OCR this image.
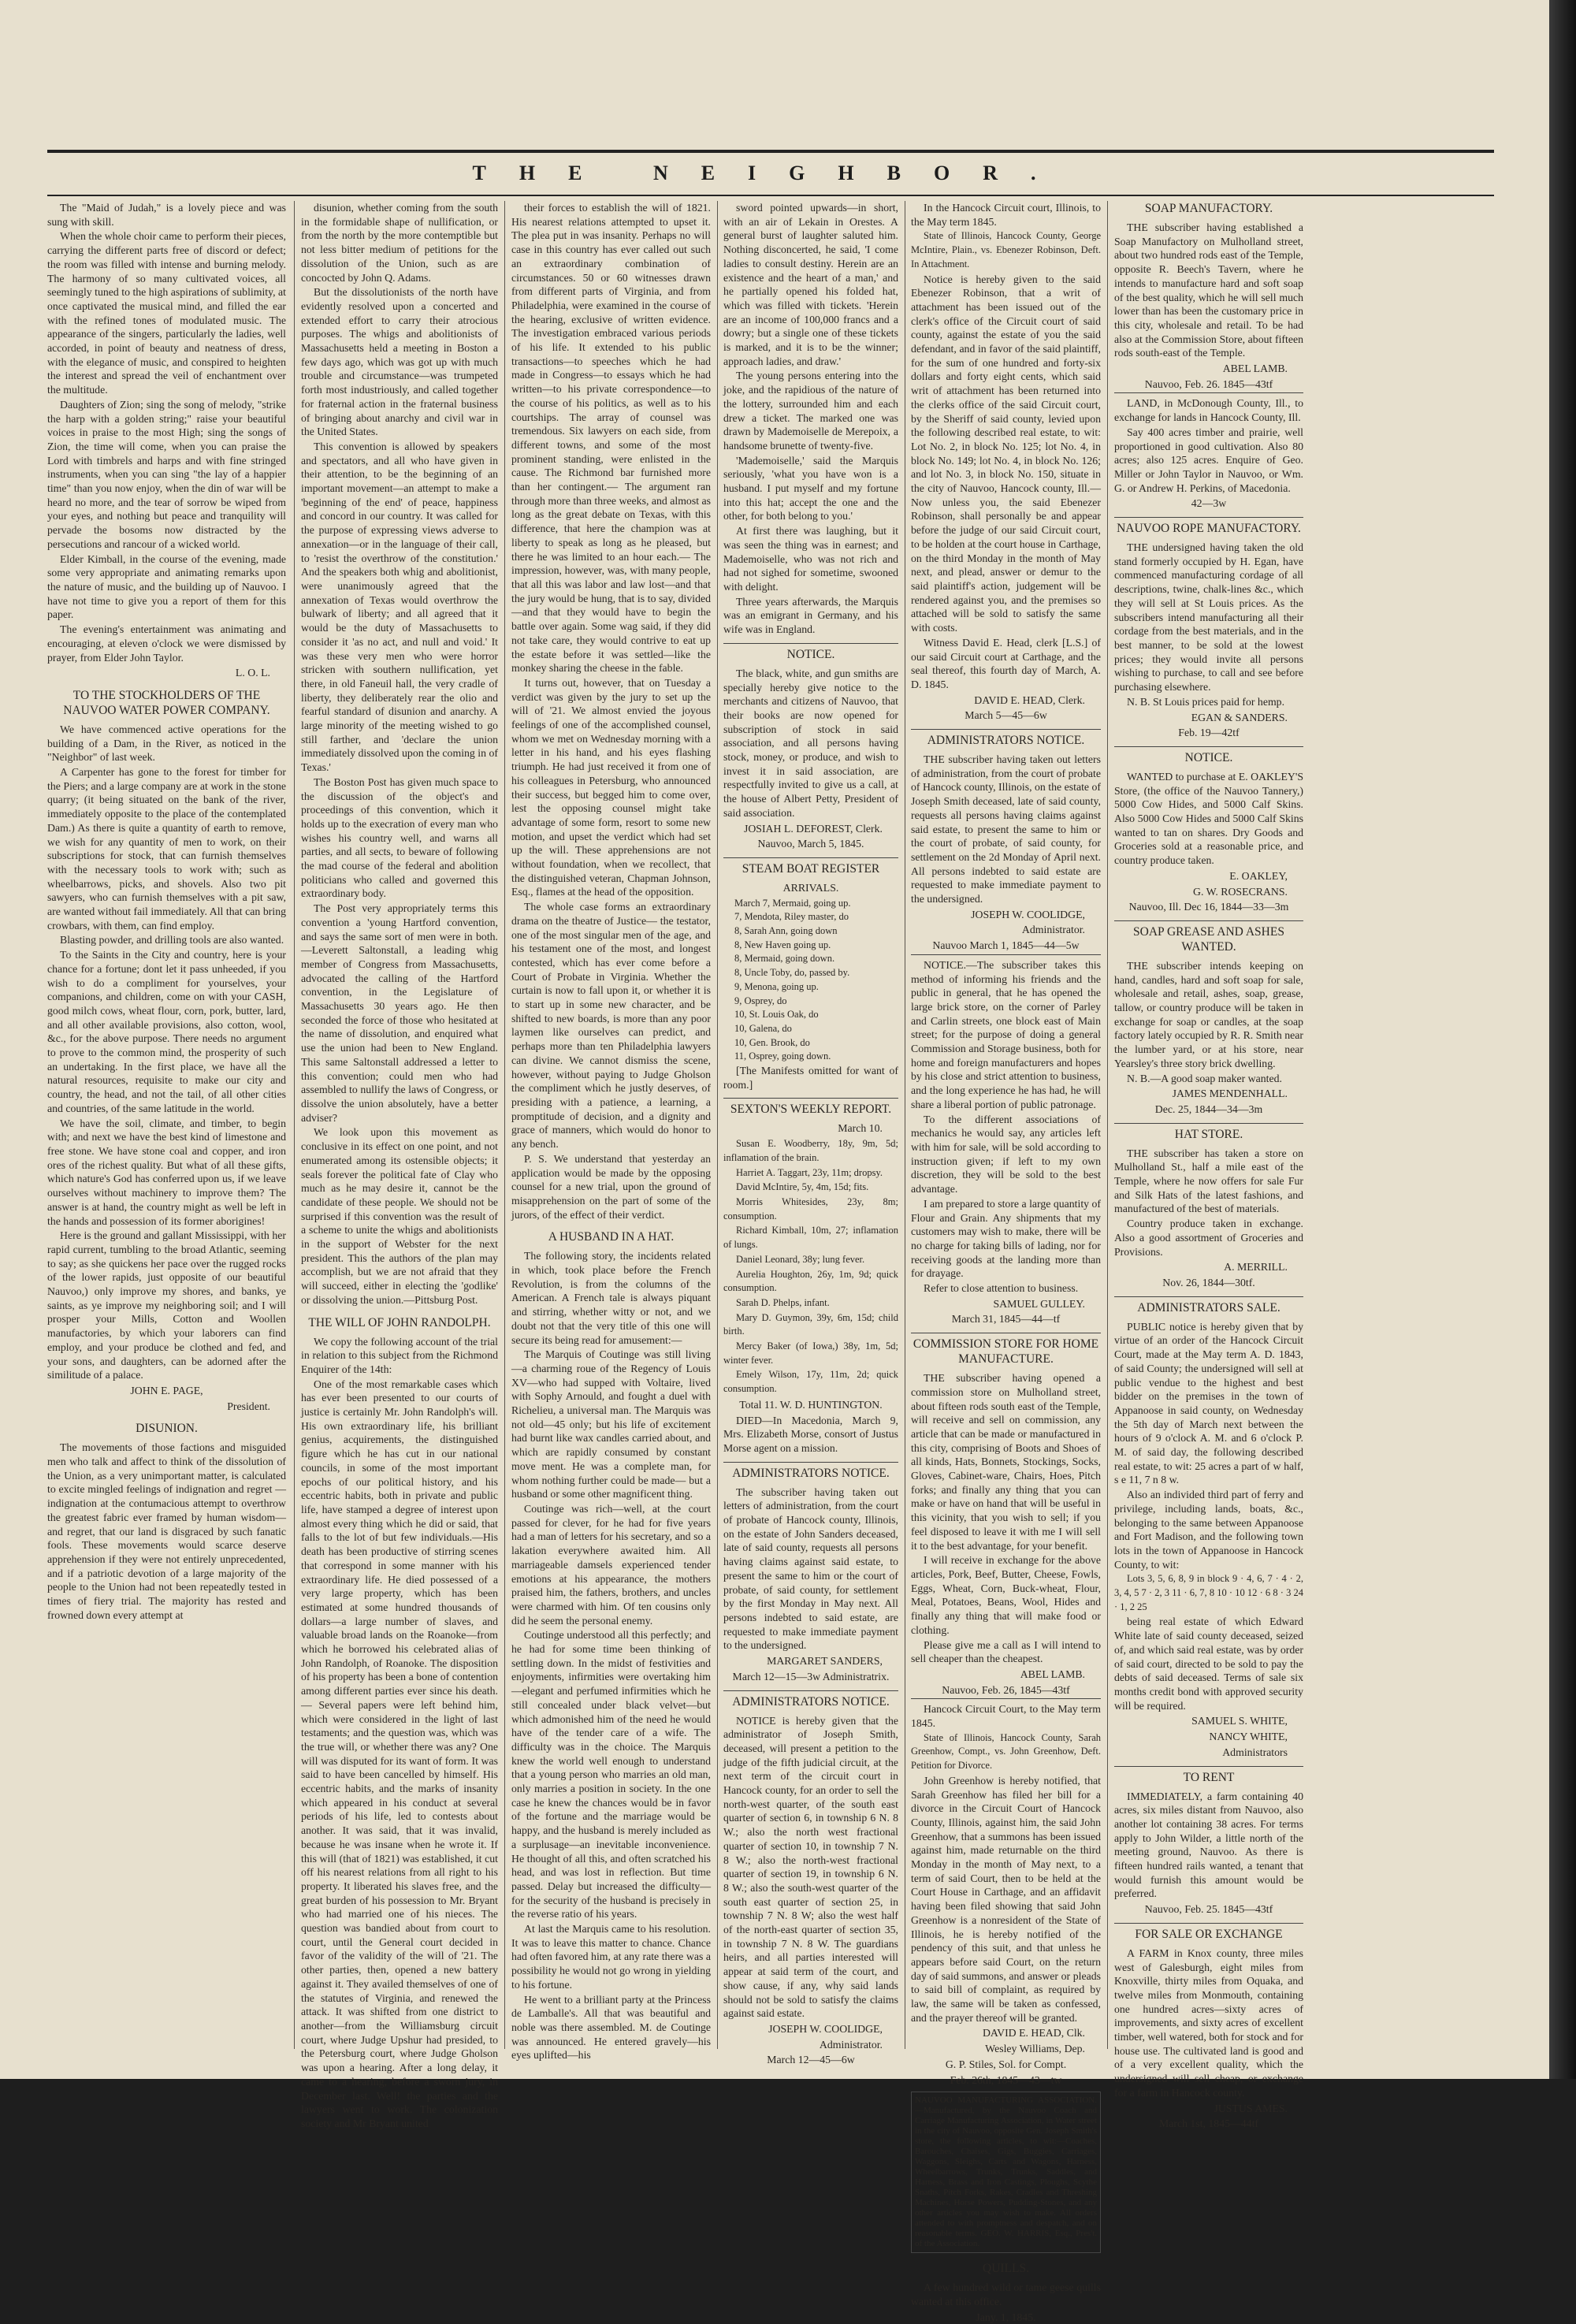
THE NEIGHBOR.

The "Maid of Judah," is a lovely piece and was sung with skill.

When the whole choir came to perform their pieces, carrying the different parts free of discord or defect; the room was filled with intense and burning melody. The harmony of so many cultivated voices, all seemingly tuned to the high aspirations of sublimity, at once captivated the musical mind, and filled the ear with the refined tones of modulated music. The appearance of the singers, particularly the ladies, well accorded, in point of beauty and neatness of dress, with the elegance of music, and conspired to heighten the interest and spread the veil of enchantment over the multitude.

Daughters of Zion; sing the song of melody, "strike the harp with a golden string;" raise your beautiful voices in praise to the most High; sing the songs of Zion, the time will come, when you can praise the Lord with timbrels and harps and with fine stringed instruments, when you can sing "the lay of a happier time" than you now enjoy, when the din of war will be heard no more, and the tear of sorrow be wiped from your eyes, and nothing but peace and tranquility will pervade the bosoms now distracted by the persecutions and rancour of a wicked world.

Elder Kimball, in the course of the evening, made some very appropriate and animating remarks upon the nature of music, and the building up of Nauvoo. I have not time to give you a report of them for this paper.

The evening's entertainment was animating and encouraging, at eleven o'clock we were dismissed by prayer, from Elder John Taylor.

L. O. L.
TO THE STOCKHOLDERS OF THE NAUVOO WATER POWER COMPANY.

We have commenced active operations for the building of a Dam, in the River, as noticed in the "Neighbor" of last week.

A Carpenter has gone to the forest for timber for the Piers; and a large company are at work in the stone quarry; (it being situated on the bank of the river, immediately opposite to the place of the contemplated Dam.) As there is quite a quantity of earth to remove, we wish for any quantity of men to work, on their subscriptions for stock, that can furnish themselves with the necessary tools to work with; such as wheelbarrows, picks, and shovels. Also two pit sawyers, who can furnish themselves with a pit saw, are wanted without fail immediately. All that can bring crowbars, with them, can find employ.

Blasting powder, and drilling tools are also wanted.

To the Saints in the City and country, here is your chance for a fortune; dont let it pass unheeded, if you wish to do a compliment for yourselves, your companions, and children, come on with your CASH, good milch cows, wheat flour, corn, pork, butter, lard, and all other available provisions, also cotton, wool, &c., for the above purpose. There needs no argument to prove to the common mind, the prosperity of such an undertaking. In the first place, we have all the natural resources, requisite to make our city and country, the head, and not the tail, of all other cities and countries, of the same latitude in the world.

We have the soil, climate, and timber, to begin with; and next we have the best kind of limestone and free stone. We have stone coal and copper, and iron ores of the richest quality. But what of all these gifts, which nature's God has conferred upon us, if we leave ourselves without machinery to improve them? The answer is at hand, the country might as well be left in the hands and possession of its former aborigines!

Here is the ground and gallant Mississippi, with her rapid current, tumbling to the broad Atlantic, seeming to say; as she quickens her pace over the rugged rocks of the lower rapids, just opposite of our beautiful Nauvoo,) only improve my shores, and banks, ye saints, as ye improve my neighboring soil; and I will prosper your Mills, Cotton and Woollen manufactories, by which your laborers can find employ, and your produce be clothed and fed, and your sons, and daughters, can be adorned after the similitude of a palace.

JOHN E. PAGE,
President.
DISUNION.

The movements of those factions and misguided men who talk and affect to think of the dissolution of the Union, as a very unimportant matter, is calculated to excite mingled feelings of indignation and regret —indignation at the contumacious attempt to overthrow the greatest fabric ever framed by human wisdom—and regret, that our land is disgraced by such fanatic fools. These movements would scarce deserve apprehension if they were not entirely unprecedented, and if a patriotic devotion of a large majority of the people to the Union had not been repeatedly tested in times of fiery trial. The majority has rested and frowned down every attempt at

disunion, whether coming from the south in the formidable shape of nullification, or from the north by the more contemptible but not less bitter medium of petitions for the dissolution of the Union, such as are concocted by John Q. Adams.

But the dissolutionists of the north have evidently resolved upon a concerted and extended effort to carry their atrocious purposes. The whigs and abolitionists of Massachusetts held a meeting in Boston a few days ago, which was got up with much trouble and circumstance—was trumpeted forth most industriously, and called together for fraternal action in the fraternal business of bringing about anarchy and civil war in the United States.

This convention is allowed by speakers and spectators, and all who have given in their attention, to be the beginning of an important movement—an attempt to make a 'beginning of the end' of peace, happiness and concord in our country. It was called for the purpose of expressing views adverse to annexation—or in the language of their call, to 'resist the overthrow of the constitution.' And the speakers both whig and abolitionist, were unanimously agreed that the annexation of Texas would overthrow the bulwark of liberty; and all agreed that it would be the duty of Massachusetts to consider it 'as no act, and null and void.' It was these very men who were horror stricken with southern nullification, yet there, in old Faneuil hall, the very cradle of liberty, they deliberately rear the olio and fearful standard of disunion and anarchy. A large minority of the meeting wished to go still farther, and 'declare the union immediately dissolved upon the coming in of Texas.'

The Boston Post has given much space to the discussion of the object's and proceedings of this convention, which it holds up to the execration of every man who wishes his country well, and warns all parties, and all sects, to beware of following the mad course of the federal and abolition politicians who called and governed this extraordinary body.

The Post very appropriately terms this convention a 'young Hartford convention, and says the same sort of men were in both.—Leverett Saltonstall, a leading whig member of Congress from Massachusetts, advocated the calling of the Hartford convention, in the Legislature of Massachusetts 30 years ago. He then seconded the force of those who hesitated at the name of dissolution, and enquired what use the union had been to New England. This same Saltonstall addressed a letter to this convention; could men who had assembled to nullify the laws of Congress, or dissolve the union absolutely, have a better adviser?

We look upon this movement as conclusive in its effect on one point, and not enumerated among its ostensible objects; it seals forever the political fate of Clay who much as he may desire it, cannot be the candidate of these people. We should not be surprised if this convention was the result of a scheme to unite the whigs and abolitionists in the support of Webster for the next president. This the authors of the plan may accomplish, but we are not afraid that they will succeed, either in electing the 'godlike' or dissolving the union.—Pittsburg Post.

THE WILL OF JOHN RANDOLPH.

We copy the following account of the trial in relation to this subject from the Richmond Enquirer of the 14th:

One of the most remarkable cases which has ever been presented to our courts of justice is certainly Mr. John Randolph's will. His own extraordinary life, his brilliant genius, acquirements, the distinguished figure which he has cut in our national councils, in some of the most important epochs of our political history, and his eccentric habits, both in private and public life, have stamped a degree of interest upon almost every thing which he did or said, that falls to the lot of but few individuals.—His death has been productive of stirring scenes that correspond in some manner with his extraordinary life. He died possessed of a very large property, which has been estimated at some hundred thousands of dollars—a large number of slaves, and valuable broad lands on the Roanoke—from which he borrowed his celebrated alias of John Randolph, of Roanoke. The disposition of his property has been a bone of contention among different parties ever since his death.— Several papers were left behind him, which were considered in the light of last testaments; and the question was, which was the true will, or whether there was any? One will was disputed for its want of form. It was said to have been cancelled by himself. His eccentric habits, and the marks of insanity which appeared in his conduct at several periods of his life, led to contests about another. It was said, that it was invalid, because he was insane when he wrote it. If this will (that of 1821) was established, it cut off his nearest relations from all right to his property. It liberated his slaves free, and the great burden of his possession to Mr. Bryant who had married one of his nieces. The question was bandied about from court to court, until the General court decided in favor of the validity of the will of '21. The other parties, then, opened a new battery against it. They availed themselves of one of the statutes of Virginia, and renewed the attack. It was shifted from one district to another—from the Williamsburg circuit court, where Judge Upshur had presided, to the Petersburg court, where Judge Gholson was upon a hearing. After a long delay, it came to a hearing, before a sworn jury, in December last. Well! the parties and the lawyers went to work. The colonization society and Mr Bryant united

their forces to establish the will of 1821. His nearest relations attempted to upset it. The plea put in was insanity. Perhaps no will case in this country has ever called out such an extraordinary combination of circumstances. 50 or 60 witnesses drawn from different parts of Virginia, and from Philadelphia, were examined in the course of the hearing, exclusive of written evidence. The investigation embraced various periods of his life. It extended to his public transactions—to speeches which he had made in Congress—to essays which he had written—to his private correspondence—to the course of his politics, as well as to his courtships. The array of counsel was tremendous. Six lawyers on each side, from different towns, and some of the most prominent standing, were enlisted in the cause. The Richmond bar furnished more than her contingent.— The argument ran through more than three weeks, and almost as long as the great debate on Texas, with this difference, that here the champion was at liberty to speak as long as he pleased, but there he was limited to an hour each.— The impression, however, was, with many people, that all this was labor and law lost—and that the jury would be hung, that is to say, divided—and that they would have to begin the battle over again. Some wag said, if they did not take care, they would contrive to eat up the estate before it was settled—like the monkey sharing the cheese in the fable.

It turns out, however, that on Tuesday a verdict was given by the jury to set up the will of '21. We almost envied the joyous feelings of one of the accomplished counsel, whom we met on Wednesday morning with a letter in his hand, and his eyes flashing triumph. He had just received it from one of his colleagues in Petersburg, who announced their success, but begged him to come over, lest the opposing counsel might take advantage of some form, resort to some new motion, and upset the verdict which had set up the will. These apprehensions are not without foundation, when we recollect, that the distinguished veteran, Chapman Johnson, Esq., flames at the head of the opposition.

The whole case forms an extraordinary drama on the theatre of Justice— the testator, one of the most singular men of the age, and his testament one of the most, and longest contested, which has ever come before a Court of Probate in Virginia. Whether the curtain is now to fall upon it, or whether it is to start up in some new character, and be shifted to new boards, is more than any poor laymen like ourselves can predict, and perhaps more than ten Philadelphia lawyers can divine. We cannot dismiss the scene, however, without paying to Judge Gholson the compliment which he justly deserves, of presiding with a patience, a learning, a promptitude of decision, and a dignity and grace of manners, which would do honor to any bench.

P. S. We understand that yesterday an application would be made by the opposing counsel for a new trial, upon the ground of misapprehension on the part of some of the jurors, of the effect of their verdict.

A HUSBAND IN A HAT.

The following story, the incidents related in which, took place before the French Revolution, is from the columns of the American. A French tale is always piquant and stirring, whether witty or not, and we doubt not that the very title of this one will secure its being read for amusement:—

The Marquis of Coutinge was still living —a charming roue of the Regency of Louis XV—who had supped with Voltaire, lived with Sophy Arnould, and fought a duel with Richelieu, a universal man. The Marquis was not old—45 only; but his life of excitement had burnt like wax candles carried about, and which are rapidly consumed by constant move ment. He was a complete man, for whom nothing further could be made— but a husband or some other magnificent thing.

Coutinge was rich—well, at the court passed for clever, for he had for five years had a man of letters for his secretary, and so a lakation everywhere awaited him. All marriageable damsels experienced tender emotions at his appearance, the mothers praised him, the fathers, brothers, and uncles were charmed with him. Of ten cousins only did he seem the personal enemy.

Coutinge understood all this perfectly; and he had for some time been thinking of settling down. In the midst of festivities and enjoyments, infirmities were overtaking him—elegant and perfumed infirmities which he still concealed under black velvet—but which admonished him of the need he would have of the tender care of a wife. The difficulty was in the choice. The Marquis knew the world well enough to understand that a young person who marries an old man, only marries a position in society. In the one case he knew the chances would be in favor of the fortune and the marriage would be happy, and the husband is merely included as a surplusage—an inevitable inconvenience. He thought of all this, and often scratched his head, and was lost in reflection. But time passed. Delay but increased the difficulty—for the security of the husband is precisely in the reverse ratio of his years.

At last the Marquis came to his resolution. It was to leave this matter to chance. Chance had often favored him, at any rate there was a possibility he would not go wrong in yielding to his fortune.

He went to a brilliant party at the Princess de Lamballe's. All that was beautiful and noble was there assembled. M. de Coutinge was announced. He entered gravely—his eyes uplifted—his

sword pointed upwards—in short, with an air of Lekain in Orestes. A general burst of laughter saluted him. Nothing disconcerted, he said, 'I come ladies to consult destiny. Herein are an existence and the heart of a man,' and he partially opened his folded hat, which was filled with tickets. 'Herein are an income of 100,000 francs and a dowry; but a single one of these tickets is marked, and it is to be the winner; approach ladies, and draw.'

The young persons entering into the joke, and the rapidious of the nature of the lottery, surrounded him and each drew a ticket. The marked one was drawn by Mademoiselle de Merepoix, a handsome brunette of twenty-five.

'Mademoiselle,' said the Marquis seriously, 'what you have won is a husband. I put myself and my fortune into this hat; accept the one and the other, for both belong to you.'

At first there was laughing, but it was seen the thing was in earnest; and Mademoiselle, who was not rich and had not sighed for sometime, swooned with delight.

Three years afterwards, the Marquis was an emigrant in Germany, and his wife was in England.

NOTICE.

The black, white, and gun smiths are specially hereby give notice to the merchants and citizens of Nauvoo, that their books are now opened for subscription of stock in said association, and all persons having stock, money, or produce, and wish to invest it in said association, are respectfully invited to give us a call, at the house of Albert Petty, President of said association.

JOSIAH L. DEFOREST, Clerk.
Nauvoo, March 5, 1845.
STEAM BOAT REGISTER
ARRIVALS.
March 7, Mermaid, going up.
7, Mendota, Riley master, do
8, Sarah Ann, going down
8, New Haven going up.
8, Mermaid, going down.
8, Uncle Toby, do, passed by.
9, Menona, going up.
9, Osprey, do
10, St. Louis Oak, do
10, Galena, do
10, Gen. Brook, do
11, Osprey, going down.

[The Manifests omitted for want of room.]

SEXTON'S WEEKLY REPORT.
March 10.

Susan E. Woodberry, 18y, 9m, 5d; inflamation of the brain.

Harriet A. Taggart, 23y, 11m; dropsy.

David McIntire, 5y, 4m, 15d; fits.

Morris Whitesides, 23y, 8m; consumption.

Richard Kimball, 10m, 27; inflamation of lungs.

Daniel Leonard, 38y; lung fever.

Aurelia Houghton, 26y, 1m, 9d; quick consumption.

Sarah D. Phelps, infant.

Mary D. Guymon, 39y, 6m, 15d; child birth.

Mercy Baker (of Iowa,) 38y, 1m, 5d; winter fever.

Emely Wilson, 17y, 11m, 2d; quick consumption.

Total 11. W. D. HUNTINGTON.

DIED—In Macedonia, March 9, Mrs. Elizabeth Morse, consort of Justus Morse agent on a mission.

ADMINISTRATORS NOTICE.

The subscriber having taken out letters of administration, from the court of probate of Hancock county, Illinois, on the estate of John Sanders deceased, late of said county, requests all persons having claims against said estate, to present the same to him or the court of probate, of said county, for settlement by the first Monday in May next. All persons indebted to said estate, are requested to make immediate payment to the undersigned.

MARGARET SANDERS,
March 12—15—3w Administratrix.
ADMINISTRATORS NOTICE.

NOTICE is hereby given that the administrator of Joseph Smith, deceased, will present a petition to the judge of the fifth judicial circuit, at the next term of the circuit court in Hancock county, for an order to sell the north-west quarter, of the south east quarter of section 6, in township 6 N. 8 W.; also the north west fractional quarter of section 10, in township 7 N. 8 W.; also the north-west fractional quarter of section 19, in township 6 N. 8 W.; also the south-west quarter of the south east quarter of section 25, in township 7 N. 8 W; also the west half of the north-east quarter of section 35, in township 7 N. 8 W. The guardians heirs, and all parties interested will appear at said term of the court, and show cause, if any, why said lands should not be sold to satisfy the claims against said estate.

JOSEPH W. COOLIDGE,
Administrator.
March 12—45—6w

In the Hancock Circuit court, Illinois, to the May term 1845.

State of Illinois, Hancock County, George McIntire, Plain., vs. Ebenezer Robinson, Deft. In Attachment.

Notice is hereby given to the said Ebenezer Robinson, that a writ of attachment has been issued out of the clerk's office of the Circuit court of said county, against the estate of you the said defendant, and in favor of the said plaintiff, for the sum of one hundred and forty-six dollars and forty eight cents, which said writ of attachment has been returned into the clerks office of the said Circuit court, by the Sheriff of said county, levied upon the following described real estate, to wit: Lot No. 2, in block No. 125; lot No. 4, in block No. 149; lot No. 4, in block No. 126; and lot No. 3, in block No. 150, situate in the city of Nauvoo, Hancock county, Ill.—Now unless you, the said Ebenezer Robinson, shall personally be and appear before the judge of our said Circuit court, to be holden at the court house in Carthage, on the third Monday in the month of May next, and plead, answer or demur to the said plaintiff's action, judgement will be rendered against you, and the premises so attached will be sold to satisfy the same with costs.

Witness David E. Head, clerk [L.S.] of our said Circuit court at Carthage, and the seal thereof, this fourth day of March, A. D. 1845.

DAVID E. HEAD, Clerk.
March 5—45—6w
ADMINISTRATORS NOTICE.

THE subscriber having taken out letters of administration, from the court of probate of Hancock county, Illinois, on the estate of Joseph Smith deceased, late of said county, requests all persons having claims against said estate, to present the same to him or the court of probate, of said county, for settlement on the 2d Monday of April next. All persons indebted to said estate are requested to make immediate payment to the undersigned.

JOSEPH W. COOLIDGE,
Administrator.
Nauvoo March 1, 1845—44—5w

NOTICE.—The subscriber takes this method of informing his friends and the public in general, that he has opened the large brick store, on the corner of Parley and Carlin streets, one block east of Main street; for the purpose of doing a general Commission and Storage business, both for home and foreign manufacturers and hopes by his close and strict attention to business, and the long experience he has had, he will share a liberal portion of public patronage.

To the different associations of mechanics he would say, any articles left with him for sale, will be sold according to instruction given; if left to my own discretion, they will be sold to the best advantage.

I am prepared to store a large quantity of Flour and Grain. Any shipments that my customers may wish to make, there will be no charge for taking bills of lading, nor for receiving goods at the landing more than for drayage.

Refer to close attention to business.

SAMUEL GULLEY.
March 31, 1845—44—tf
COMMISSION STORE FOR HOME MANUFACTURE.

THE subscriber having opened a commission store on Mulholland street, about fifteen rods south east of the Temple, will receive and sell on commission, any article that can be made or manufactured in this city, comprising of Boots and Shoes of all kinds, Hats, Bonnets, Stockings, Socks, Gloves, Cabinet-ware, Chairs, Hoes, Pitch forks; and finally any thing that you can make or have on hand that will be useful in this vicinity, that you wish to sell; if you feel disposed to leave it with me I will sell it to the best advantage, for your benefit.

I will receive in exchange for the above articles, Pork, Beef, Butter, Cheese, Fowls, Eggs, Wheat, Corn, Buck-wheat, Flour, Meal, Potatoes, Beans, Wool, Hides and finally any thing that will make food or clothing.

Please give me a call as I will intend to sell cheaper than the cheapest.

ABEL LAMB.
Nauvoo, Feb. 26, 1845—43tf

Hancock Circuit Court, to the May term 1845.

State of Illinois, Hancock County, Sarah Greenhow, Compt., vs. John Greenhow, Deft. Petition for Divorce.

John Greenhow is hereby notified, that Sarah Greenhow has filed her bill for a divorce in the Circuit Court of Hancock County, Illinois, against him, the said John Greenhow, that a summons has been issued against him, made returnable on the third Monday in the month of May next, to a term of said Court, then to be held at the Court House in Carthage, and an affidavit having been filed showing that said John Greenhow is a nonresident of the State of Illinois, he is hereby notified of the pendency of this suit, and that unless he appears before said Court, on the return day of said summons, and answer or pleads to said bill of complaint, as required by law, the same will be taken as confessed, and the prayer thereof will be granted.

DAVID E. HEAD, Clk.
Wesley Williams, Dep.
G. P. Stiles, Sol. for Compt.
Feb. 26th, 1845—43—tw
NAUVOO MANUFACTURING ASSOCIATION.—Manufactured, by the Nauvoo Coach and Carriage Manufacturing Association, in Water street in the city of Nauvoo, opposite Gen. Joseph Smith's store, the following articles, to wit:—Coaches, Barouches, Chaises, Gigs, Buggies, Carriages, Waggons, Sleighs, Carts and Wagons, Harness, Wheelbarrows, Trunks, Trunks, Saddles, and Harness, Brass and Iron Castings, Ploughs, Scythe Snaths, Pitch Forks, Rakes, Cradles and Threshing Machines, Horse Powers, Pudding-Stones, and any other articles you may wish to make. All orders attended to with promptness and despatch, and on reasonable terms. GEO. W. HARRIS, Esq., Pres't. of the Association.
QUILLS.

A few hundred wild or tame geese quills wanted at this office.

Jany. 1, 1845.
SOAP MANUFACTORY.

THE subscriber having established a Soap Manufactory on Mulholland street, about two hundred rods east of the Temple, opposite R. Beech's Tavern, where he intends to manufacture hard and soft soap of the best quality, which he will sell much lower than has been the customary price in this city, wholesale and retail. To be had also at the Commission Store, about fifteen rods south-east of the Temple.

ABEL LAMB.
Nauvoo, Feb. 26. 1845—43tf

LAND, in McDonough County, Ill., to exchange for lands in Hancock County, Ill.

Say 400 acres timber and prairie, well proportioned in good cultivation. Also 80 acres; also 125 acres. Enquire of Geo. Miller or John Taylor in Nauvoo, or Wm. G. or Andrew H. Perkins, of Macedonia.

42—3w
NAUVOO ROPE MANUFACTORY.

THE undersigned having taken the old stand formerly occupied by H. Egan, have commenced manufacturing cordage of all descriptions, twine, chalk-lines &c., which they will sell at St Louis prices. As the subscribers intend manufacturing all their cordage from the best materials, and in the best manner, to be sold at the lowest prices; they would invite all persons wishing to purchase, to call and see before purchasing elsewhere.

N. B. St Louis prices paid for hemp.

EGAN & SANDERS.
Feb. 19—42tf
NOTICE.

WANTED to purchase at E. OAKLEY'S Store, (the office of the Nauvoo Tannery,) 5000 Cow Hides, and 5000 Calf Skins. Also 5000 Cow Hides and 5000 Calf Skins wanted to tan on shares. Dry Goods and Groceries sold at a reasonable price, and country produce taken.

E. OAKLEY,
G. W. ROSECRANS.
Nauvoo, Ill. Dec 16, 1844—33—3m
SOAP GREASE AND ASHES WANTED.

THE subscriber intends keeping on hand, candles, hard and soft soap for sale, wholesale and retail, ashes, soap, grease, tallow, or country produce will be taken in exchange for soap or candles, at the soap factory lately occupied by R. R. Smith near the lumber yard, or at his store, near Yearsley's three story brick dwelling.

N. B.—A good soap maker wanted.

JAMES MENDENHALL.
Dec. 25, 1844—34—3m
HAT STORE.

THE subscriber has taken a store on Mulholland St., half a mile east of the Temple, where he now offers for sale Fur and Silk Hats of the latest fashions, and manufactured of the best of materials.

Country produce taken in exchange. Also a good assortment of Groceries and Provisions.

A. MERRILL.
Nov. 26, 1844—30tf.
ADMINISTRATORS SALE.

PUBLIC notice is hereby given that by virtue of an order of the Hancock Circuit Court, made at the May term A. D. 1843, of said County; the undersigned will sell at public vendue to the highest and best bidder on the premises in the town of Appanoose in said county, on Wednesday the 5th day of March next between the hours of 9 o'clock A. M. and 6 o'clock P. M. of said day, the following described real estate, to wit: 25 acres a part of w half, s e 11, 7 n 8 w.

Also an individed third part of ferry and privilege, including lands, boats, &c., belonging to the same between Appanoose and Fort Madison, and the following town lots in the town of Appanoose in Hancock County, to wit:

Lots 3, 5, 6, 8, 9 in block 9 · 4, 6, 7 · 4 · 2, 3, 4, 5 7 · 2, 3 11 · 6, 7, 8 10 · 10 12 · 6 8 · 3 24 · 1, 2 25

being real estate of which Edward White late of said county deceased, seized of, and which said real estate, was by order of said court, directed to be sold to pay the debts of said deceased. Terms of sale six months credit bond with approved security will be required.

SAMUEL S. WHITE,
NANCY WHITE,
Administrators
TO RENT

IMMEDIATELY, a farm containing 40 acres, six miles distant from Nauvoo, also another lot containing 38 acres. For terms apply to John Wilder, a little north of the meeting ground, Nauvoo. As there is fifteen hundred rails wanted, a tenant that would furnish this amount would be preferred.

Nauvoo, Feb. 25. 1845—43tf
FOR SALE OR EXCHANGE

A FARM in Knox county, three miles west of Galesburgh, eight miles from Knoxville, thirty miles from Oquaka, and twelve miles from Monmouth, containing one hundred acres—sixty acres of improvements, and sixty acres of excellent timber, well watered, both for stock and for house use. The cultivated land is good and of a very excellent quality, which the undersigned will sell cheap, or exchange for a farm in Hancock county.

JUSTUS AMES.
March 1st, 1845—44tf
